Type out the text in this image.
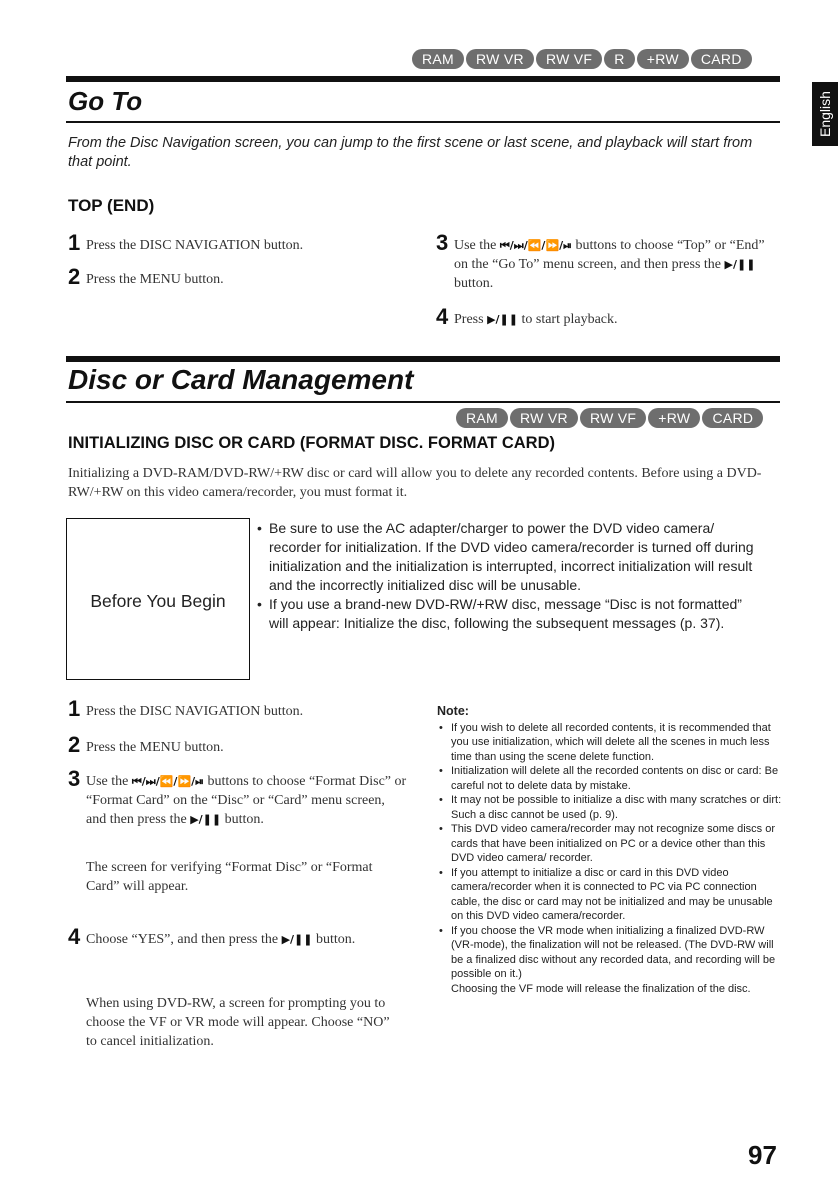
RAM	RW VR	RW VF	R	+RW	CARD
English
Go To
From the Disc Navigation screen, you can jump to the first scene or last scene, and playback will start from that point.
TOP (END)
1 Press the DISC NAVIGATION button.
2 Press the MENU button.
3 Use the ⏮/⏭/⏪/⏩/⏯ buttons to choose “Top” or “End” on the “Go To” menu screen, and then press the ▶/❚❚ button.
4 Press ▶/❚❚ to start playback.
Disc or Card Management
RAM	RW VR	RW VF	+RW	CARD
INITIALIZING DISC OR CARD (FORMAT DISC. FORMAT CARD)
Initializing a DVD-RAM/DVD-RW/+RW disc or card will allow you to delete any recorded contents. Before using a DVD-RW/+RW on this video camera/recorder, you must format it.
Before You Begin
• Be sure to use the AC adapter/charger to power the DVD video camera/ recorder for initialization. If the DVD video camera/recorder is turned off during initialization and the initialization is interrupted, incorrect initialization will result and the incorrectly initialized disc will be unusable.
• If you use a brand-new DVD-RW/+RW disc, message “Disc is not formatted” will appear: Initialize the disc, following the subsequent messages (p. 37).
1 Press the DISC NAVIGATION button.
2 Press the MENU button.
3 Use the ⏮/⏭/⏪/⏩/⏯ buttons to choose “Format Disc” or “Format Card” on the “Disc” or “Card” menu screen, and then press the ▶/❚❚ button.
The screen for verifying “Format Disc” or “Format Card” will appear.
4 Choose “YES”, and then press the ▶/❚❚ button.
When using DVD-RW, a screen for prompting you to choose the VF or VR mode will appear. Choose “NO” to cancel initialization.
Note:
• If you wish to delete all recorded contents, it is recommended that you use initialization, which will delete all the scenes in much less time than using the scene delete function.
• Initialization will delete all the recorded contents on disc or card: Be careful not to delete data by mistake.
• It may not be possible to initialize a disc with many scratches or dirt: Such a disc cannot be used (p. 9).
• This DVD video camera/recorder may not recognize some discs or cards that have been initialized on PC or a device other than this DVD video camera/ recorder.
• If you attempt to initialize a disc or card in this DVD video camera/recorder when it is connected to PC via PC connection cable, the disc or card may not be initialized and may be unusable on this DVD video camera/recorder.
• If you choose the VR mode when initializing a finalized DVD-RW (VR-mode), the finalization will not be released. (The DVD-RW will be a finalized disc without any recorded data, and recording will be possible on it.)
Choosing the VF mode will release the finalization of the disc.
97
